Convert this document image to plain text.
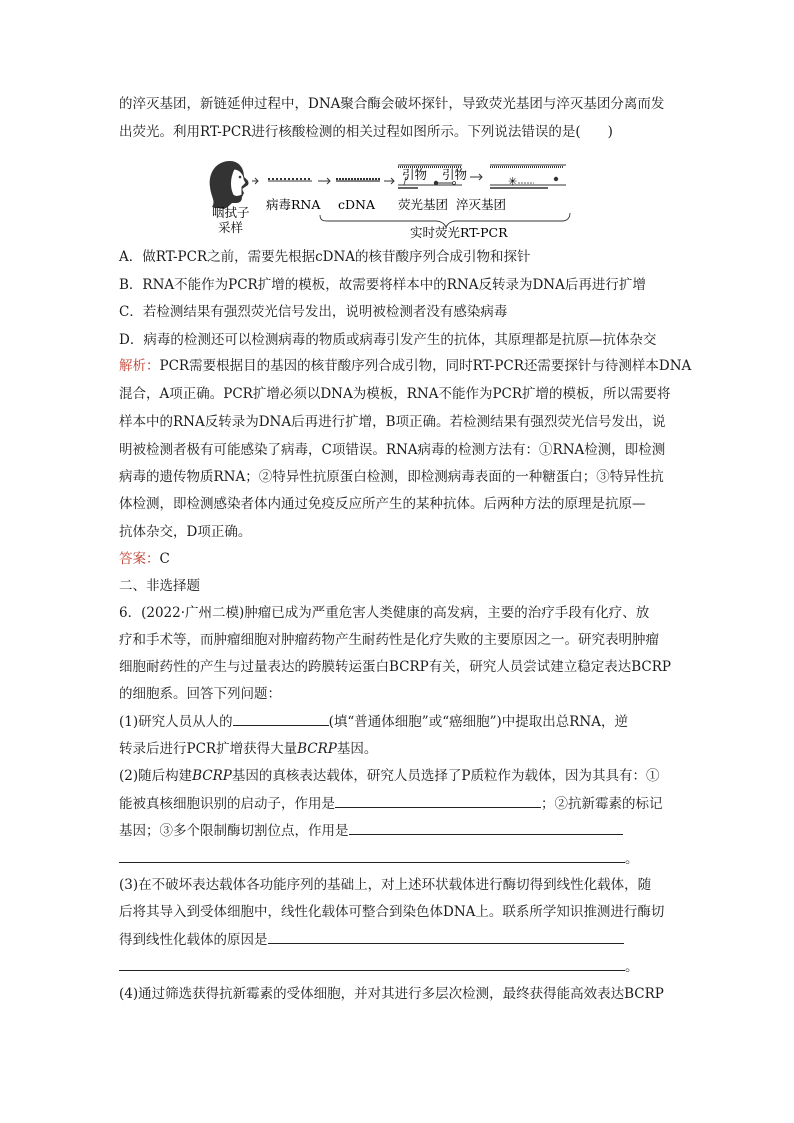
的淬灭基团，新链延伸过程中，DNA聚合酶会破坏探针，导致荧光基团与淬灭基团分离而发
出荧光。利用RT-PCR进行核酸检测的相关过程如图所示。下列说法错误的是(　　)
引物 引物	✳
咽拭子
采样
病毒RNA cDNA 荧光基团 淬灭基团
实时荧光RT-PCR
A．做RT-PCR之前，需要先根据cDNA的核苷酸序列合成引物和探针
B．RNA不能作为PCR扩增的模板，故需要将样本中的RNA反转录为DNA后再进行扩增
C．若检测结果有强烈荧光信号发出，说明被检测者没有感染病毒
D．病毒的检测还可以检测病毒的物质或病毒引发产生的抗体，其原理都是抗原—抗体杂交
解析：PCR需要根据目的基因的核苷酸序列合成引物，同时RT-PCR还需要探针与待测样本DNA
混合，A项正确。PCR扩增必须以DNA为模板，RNA不能作为PCR扩增的模板，所以需要将
样本中的RNA反转录为DNA后再进行扩增，B项正确。若检测结果有强烈荧光信号发出，说
明被检测者极有可能感染了病毒，C项错误。RNA病毒的检测方法有：①RNA检测，即检测
病毒的遗传物质RNA；②特异性抗原蛋白检测，即检测病毒表面的一种糖蛋白；③特异性抗
体检测，即检测感染者体内通过免疫反应所产生的某种抗体。后两种方法的原理是抗原—
抗体杂交，D项正确。
答案：C
二、非选择题
6．(2022·广州二模)肿瘤已成为严重危害人类健康的高发病，主要的治疗手段有化疗、放
疗和手术等，而肿瘤细胞对肿瘤药物产生耐药性是化疗失败的主要原因之一。研究表明肿瘤
细胞耐药性的产生与过量表达的跨膜转运蛋白BCRP有关，研究人员尝试建立稳定表达BCRP
的细胞系。回答下列问题：
(1)研究人员从人的	(填“普通体细胞”或“癌细胞”)中提取出总RNA，逆
转录后进行PCR扩增获得大量BCRP基因。
(2)随后构建BCRP基因的真核表达载体，研究人员选择了P质粒作为载体，因为其具有：①
能被真核细胞识别的启动子，作用是	；②抗新霉素的标记
基因；③多个限制酶切割位点，作用是
。
(3)在不破坏表达载体各功能序列的基础上，对上述环状载体进行酶切得到线性化载体，随
后将其导入到受体细胞中，线性化载体可整合到染色体DNA上。联系所学知识推测进行酶切
得到线性化载体的原因是
。
(4)通过筛选获得抗新霉素的受体细胞，并对其进行多层次检测，最终获得能高效表达BCRP
